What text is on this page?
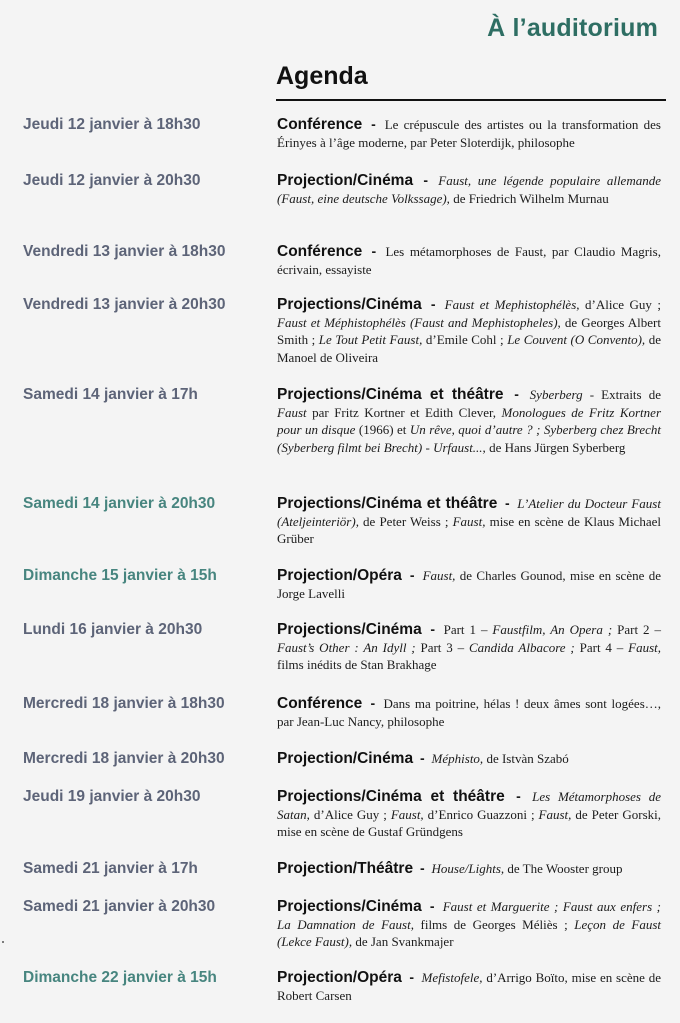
À l’auditorium
Agenda
Jeudi 12 janvier à 18h30	Conférence - Le crépuscule des artistes ou la transformation des Érinyes à l’âge moderne, par Peter Sloterdijk, philosophe
Jeudi 12 janvier à 20h30	Projection/Cinéma - Faust, une légende populaire allemande (Faust, eine deutsche Volkssage), de Friedrich Wilhelm Murnau
Vendredi 13 janvier à 18h30	Conférence - Les métamorphoses de Faust, par Claudio Magris, écrivain, essayiste
Vendredi 13 janvier à 20h30	Projections/Cinéma - Faust et Mephistophélès, d’Alice Guy ; Faust et Méphistophélès (Faust and Mephistopheles), de Georges Albert Smith ; Le Tout Petit Faust, d’Emile Cohl ; Le Couvent (O Convento), de Manoel de Oliveira
Samedi 14 janvier à 17h	Projections/Cinéma et théâtre - Syberberg - Extraits de Faust par Fritz Kortner et Edith Clever, Monologues de Fritz Kortner pour un disque (1966) et Un rêve, quoi d’autre ? ; Syberberg chez Brecht (Syberberg filmt bei Brecht) - Urfaust..., de Hans Jürgen Syberberg
Samedi 14 janvier à 20h30	Projections/Cinéma et théâtre - L’Atelier du Docteur Faust (Ateljeinteriör), de Peter Weiss ; Faust, mise en scène de Klaus Michael Grüber
Dimanche 15 janvier à 15h	Projection/Opéra - Faust, de Charles Gounod, mise en scène de Jorge Lavelli
Lundi 16 janvier à 20h30	Projections/Cinéma - Part 1 – Faustfilm, An Opera ; Part 2 – Faust’s Other : An Idyll ; Part 3 – Candida Albacore ; Part 4 – Faust, films inédits de Stan Brakhage
Mercredi 18 janvier à 18h30	Conférence - Dans ma poitrine, hélas ! deux âmes sont logées…, par Jean-Luc Nancy, philosophe
Mercredi 18 janvier à 20h30	Projection/Cinéma - Méphisto, de Istvàn Szabó
Jeudi 19 janvier à 20h30	Projections/Cinéma et théâtre - Les Métamorphoses de Satan, d’Alice Guy ; Faust, d’Enrico Guazzoni ; Faust, de Peter Gorski, mise en scène de Gustaf Gründgens
Samedi 21 janvier à 17h	Projection/Théâtre - House/Lights, de The Wooster group
Samedi 21 janvier à 20h30	Projections/Cinéma - Faust et Marguerite ; Faust aux enfers ; La Damnation de Faust, films de Georges Méliès ; Leçon de Faust (Lekce Faust), de Jan Svankmajer
Dimanche 22 janvier à 15h	Projection/Opéra - Mefistofele, d’Arrigo Boïto, mise en scène de Robert Carsen
